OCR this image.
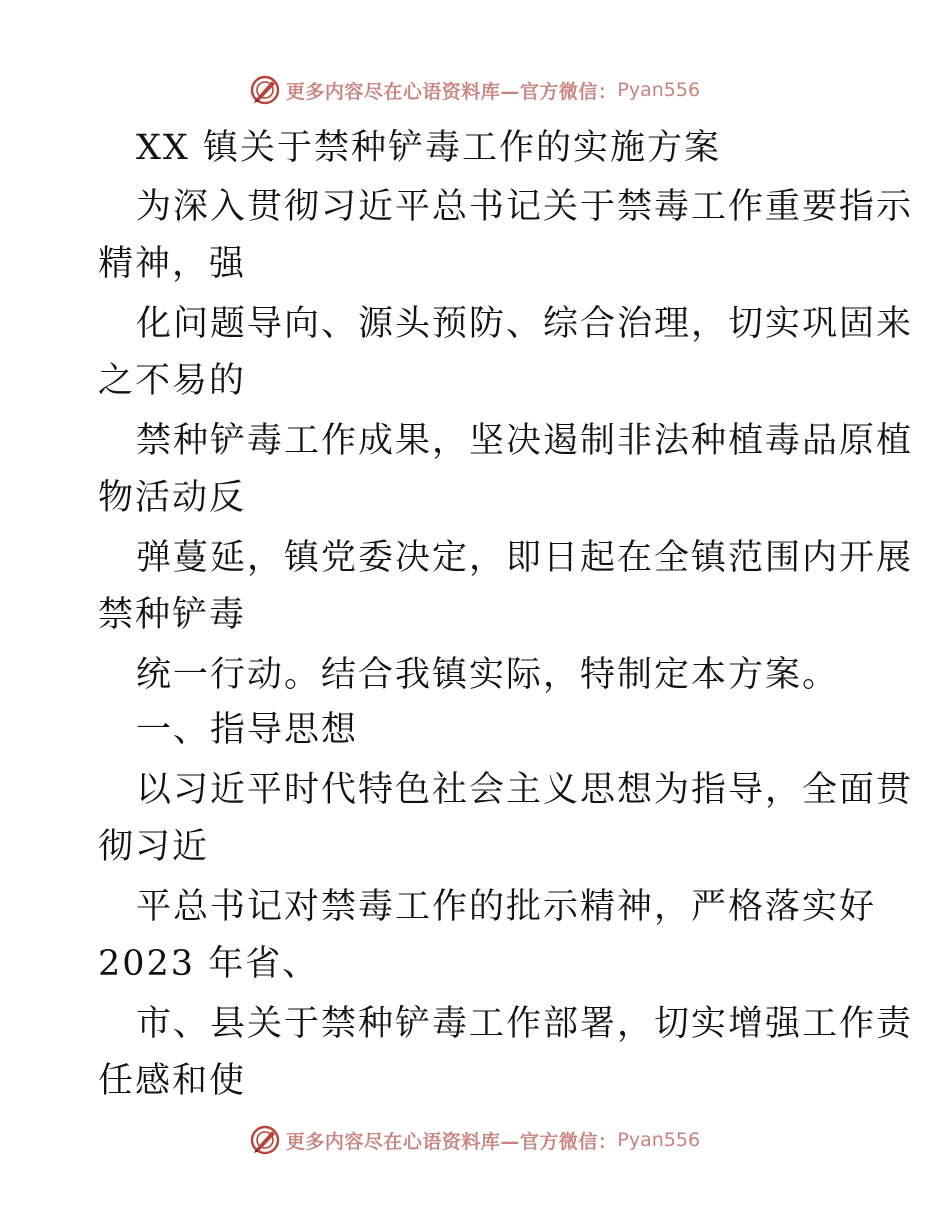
更多内容尽在心语资料库—官方微信： Pyan556
XX 镇关于禁种铲毒工作的实施方案
为深入贯彻习近平总书记关于禁毒工作重要指示
精神，强
化问题导向、源头预防、综合治理，切实巩固来
之不易的
禁种铲毒工作成果，坚决遏制非法种植毒品原植
物活动反
弹蔓延，镇党委决定，即日起在全镇范围内开展
禁种铲毒
统一行动。结合我镇实际，特制定本方案。
一、指导思想
以习近平时代特色社会主义思想为指导，全面贯
彻习近
平总书记对禁毒工作的批示精神，严格落实好
2023 年省、
市、县关于禁种铲毒工作部署，切实增强工作责
任感和使
更多内容尽在心语资料库—官方微信： Pyan556
